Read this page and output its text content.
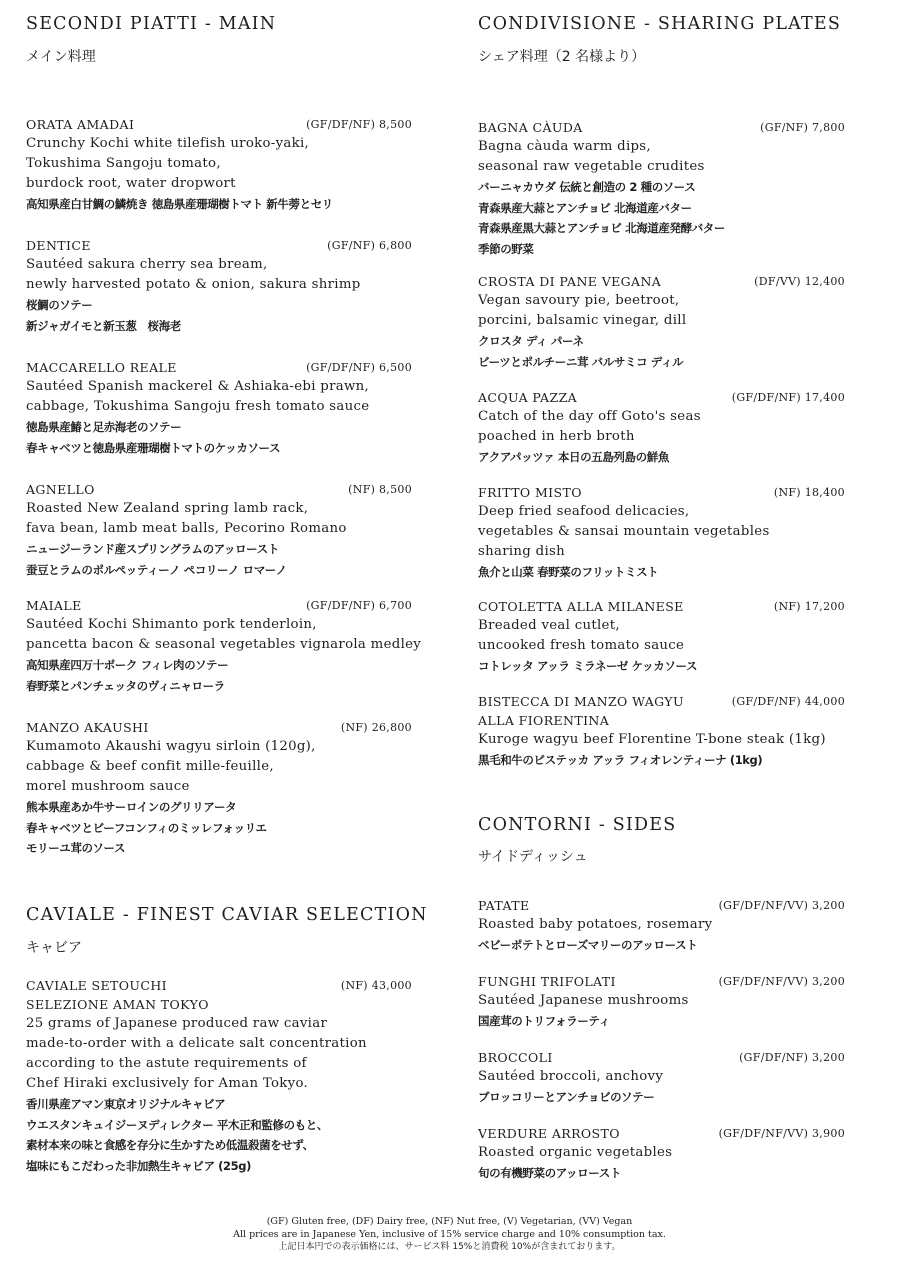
SECONDI PIATTI - MAIN
メイン料理
ORATA AMADAI	(GF/DF/NF) 8,500
Crunchy Kochi white tilefish uroko-yaki,
Tokushima Sangoju tomato,
burdock root, water dropwort
高知県産白甘鯛の鱗焼き 徳島県産珊瑚樹トマト 新牛蒡とセリ
DENTICE	(GF/NF) 6,800
Sautéed sakura cherry sea bream,
newly harvested potato & onion, sakura shrimp
桜鯛のソテー
新ジャガイモと新玉葱　桜海老
MACCARELLO REALE	(GF/DF/NF) 6,500
Sautéed Spanish mackerel & Ashiaka-ebi prawn,
cabbage, Tokushima Sangoju fresh tomato sauce
徳島県産鰆と足赤海老のソテー
春キャベツと徳島県産珊瑚樹トマトのケッカソース
AGNELLO	(NF) 8,500
Roasted New Zealand spring lamb rack,
fava bean, lamb meat balls, Pecorino Romano
ニュージーランド産スプリングラムのアッロースト
蚕豆とラムのポルペッティーノ ペコリーノ ロマーノ
MAIALE	(GF/DF/NF) 6,700
Sautéed Kochi Shimanto pork tenderloin,
pancetta bacon & seasonal vegetables vignarola medley
高知県産四万十ポーク フィレ肉のソテー
春野菜とパンチェッタのヴィニャローラ
MANZO AKAUSHI	(NF) 26,800
Kumamoto Akaushi wagyu sirloin (120g),
cabbage & beef confit mille-feuille,
morel mushroom sauce
熊本県産あか牛サーロインのグリリアータ
春キャベツとビーフコンフィのミッレフォッリエ
モリーユ茸のソース
CAVIALE - FINEST CAVIAR SELECTION
キャビア
CAVIALE SETOUCHI	(NF) 43,000
SELEZIONE AMAN TOKYO
25 grams of Japanese produced raw caviar
made-to-order with a delicate salt concentration
according to the astute requirements of
Chef Hiraki exclusively for Aman Tokyo.
香川県産アマン東京オリジナルキャビア
ウエスタンキュイジーヌディレクター 平木正和監修のもと、
素材本来の味と食感を存分に生かすため低温殺菌をせず、
塩味にもこだわった非加熱生キャビア (25g)
CONDIVISIONE - SHARING PLATES
シェア料理（2 名様より）
BAGNA CÀUDA	(GF/NF) 7,800
Bagna càuda warm dips,
seasonal raw vegetable crudites
バーニャカウダ 伝統と創造の 2 種のソース
青森県産大蒜とアンチョビ 北海道産バター
青森県産黒大蒜とアンチョビ 北海道産発酵バター
季節の野菜
CROSTA DI PANE VEGANA	(DF/VV) 12,400
Vegan savoury pie, beetroot,
porcini, balsamic vinegar, dill
クロスタ ディ パーネ
ビーツとポルチーニ茸 バルサミコ ディル
ACQUA PAZZA	(GF/DF/NF) 17,400
Catch of the day off Goto's seas
poached in herb broth
アクアパッツァ 本日の五島列島の鮮魚
FRITTO MISTO	(NF) 18,400
Deep fried seafood delicacies,
vegetables & sansai mountain vegetables
sharing dish
魚介と山菜 春野菜のフリットミスト
COTOLETTA ALLA MILANESE	(NF) 17,200
Breaded veal cutlet,
uncooked fresh tomato sauce
コトレッタ アッラ ミラネーゼ ケッカソース
BISTECCA DI MANZO WAGYU	(GF/DF/NF) 44,000
ALLA FIORENTINA
Kuroge wagyu beef Florentine T-bone steak (1kg)
黒毛和牛のビステッカ アッラ フィオレンティーナ (1kg)
CONTORNI - SIDES
サイドディッシュ
PATATE	(GF/DF/NF/VV) 3,200
Roasted baby potatoes, rosemary
ベビーポテトとローズマリーのアッロースト
FUNGHI TRIFOLATI	(GF/DF/NF/VV) 3,200
Sautéed Japanese mushrooms
国産茸のトリフォラーティ
BROCCOLI	(GF/DF/NF) 3,200
Sautéed broccoli, anchovy
ブロッコリーとアンチョビのソテー
VERDURE ARROSTO	(GF/DF/NF/VV) 3,900
Roasted organic vegetables
旬の有機野菜のアッロースト
(GF) Gluten free, (DF) Dairy free, (NF) Nut free, (V) Vegetarian, (VV) Vegan
All prices are in Japanese Yen, inclusive of 15% service charge and 10% consumption tax.
上記日本円での表示価格には、サービス料 15%と消費税 10%が含まれております。
